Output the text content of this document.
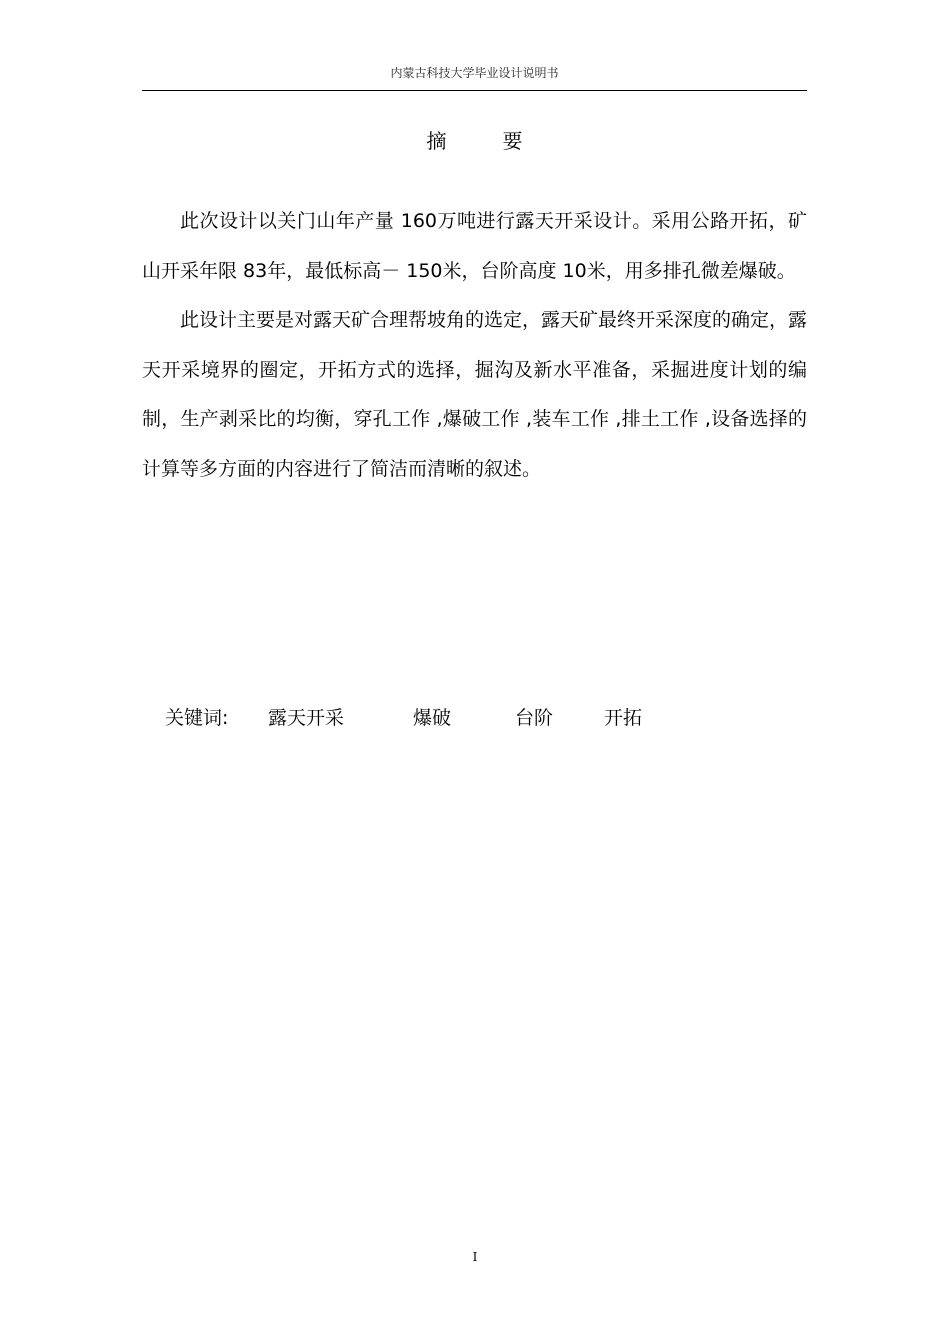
内蒙古科技大学毕业设计说明书
摘要

此次设计以关门山年产量 160万吨进行露天开采设计。采用公路开拓，矿山开采年限 83年，最低标高－ 150米，台阶高度 10米，用多排孔微差爆破。

此设计主要是对露天矿合理帮坡角的选定，露天矿最终开采深度的确定，露天开采境界的圈定，开拓方式的选择，掘沟及新水平准备，采掘进度计划的编制，生产剥采比的均衡，穿孔工作 ,爆破工作 ,装车工作 ,排土工作 ,设备选择的计算等多方面的内容进行了简洁而清晰的叙述。

关键词: 露天开采	爆破	台阶	开拓
I
